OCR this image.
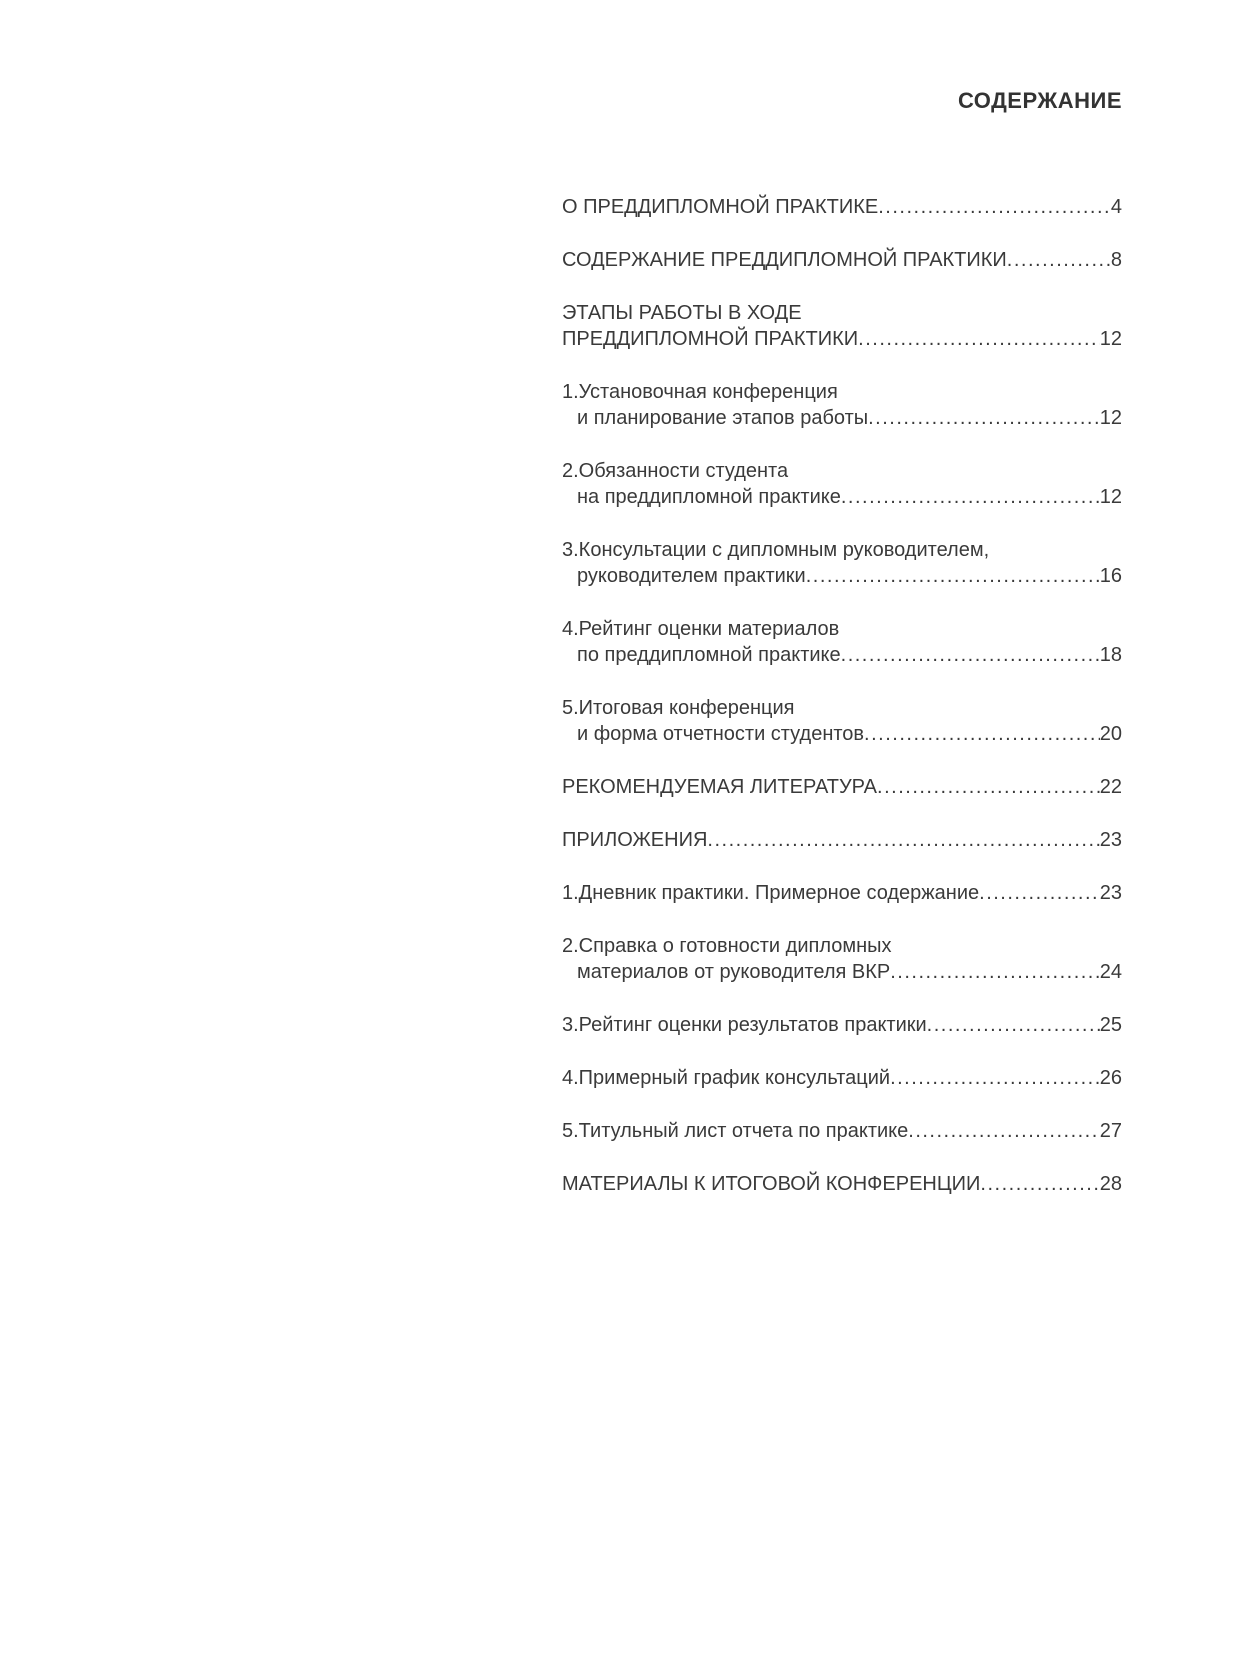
СОДЕРЖАНИЕ
О ПРЕДДИПЛОМНОЙ ПРАКТИКЕ .....	4
СОДЕРЖАНИЕ ПРЕДДИПЛОМНОЙ ПРАКТИКИ .....	8
ЭТАПЫ РАБОТЫ В ХОДЕ
ПРЕДДИПЛОМНОЙ ПРАКТИКИ .....	12
1.Установочная конференция
и планирование этапов работы .....	12
2.Обязанности студента
на преддипломной практике .....	12
3.Консультации с дипломным руководителем,
руководителем практики .....	16
4.Рейтинг оценки материалов
по преддипломной практике .....	18
5.Итоговая конференция
и форма отчетности студентов .....	20
РЕКОМЕНДУЕМАЯ ЛИТЕРАТУРА .....	22
ПРИЛОЖЕНИЯ .....	23
1.Дневник практики. Примерное содержание .....	23
2.Справка о готовности дипломных
материалов от руководителя ВКР .....	24
3.Рейтинг оценки результатов практики .....	25
4.Примерный график консультаций .....	26
5.Титульный лист отчета по практике .....	27
МАТЕРИАЛЫ К ИТОГОВОЙ КОНФЕРЕНЦИИ .....	28
